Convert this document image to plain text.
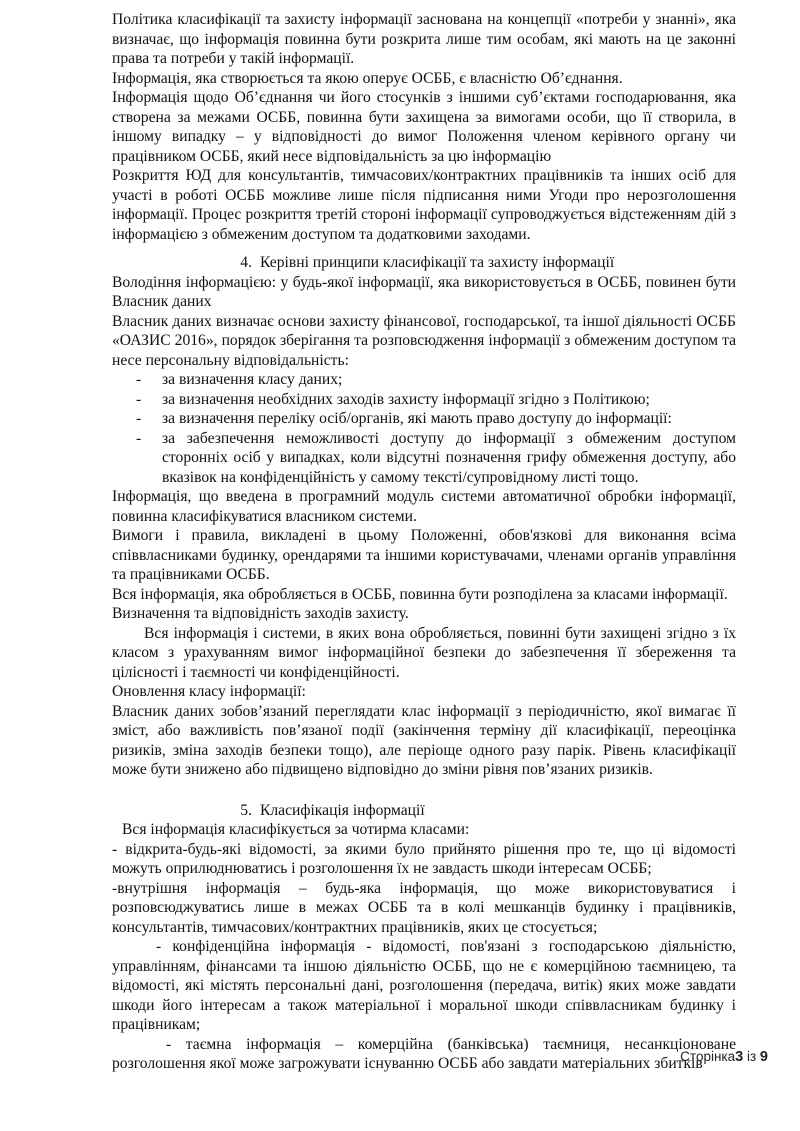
Політика класифікації та захисту інформації заснована на концепції «потреби у знанні», яка визначає, що інформація повинна бути розкрита лише тим особам, які мають на це законні права та потреби у такій інформації.

Інформація, яка створюється та якою оперує ОСББ, є власністю Об’єднання.

Інформація щодо Об’єднання чи його стосунків з іншими суб’єктами господарювання, яка створена за межами ОСББ, повинна бути захищена за вимогами особи, що її створила, в іншому випадку – у відповідності до вимог Положення членом керівного органу чи працівником ОСББ, який несе відповідальність за цю інформацію

Розкриття ЮД для консультантів, тимчасових/контрактних працівників та інших осіб для участі в роботі ОСББ можливе лише після підписання ними Угоди про нерозголошення інформації. Процес розкриття третій стороні інформації супроводжується відстеженням дій з інформацією з обмеженим доступом та додатковими заходами.

4. Керівні принципи класифікації та захисту інформації

Володіння інформацією: у будь-якої інформації, яка використовується в ОСББ, повинен бути Власник даних

Власник даних визначає основи захисту фінансової, господарської, та іншої діяльності ОСББ «ОАЗИС 2016», порядок зберігання та розповсюдження інформації з обмеженим доступом та несе персональну відповідальність:

- за визначення класу даних;
- за визначення необхідних заходів захисту інформації згідно з Політикою;
- за визначення переліку осіб/органів, які мають право доступу до інформації:
- за забезпечення неможливості доступу до інформації з обмеженим доступом сторонніх осіб у випадках, коли відсутні позначення грифу обмеження доступу, або вказівок на конфіденційність у самому тексті/супровідному листі тощо.

Інформація, що введена в програмний модуль системи автоматичної обробки інформації, повинна класифікуватися власником системи.

Вимоги і правила, викладені в цьому Положенні, обов'язкові для виконання всіма співвласниками будинку, орендарями та іншими користувачами, членами органів управління та працівниками ОСББ.

Вся інформація, яка обробляється в ОСББ, повинна бути розподілена за класами інформації.

Визначення та відповідність заходів захисту.

Вся інформація і системи, в яких вона обробляється, повинні бути захищені згідно з їх класом з урахуванням вимог інформаційної безпеки до забезпечення її збереження та цілісності і таємності чи конфіденційності.

Оновлення класу інформації:

Власник даних зобов’язаний переглядати клас інформації з періодичністю, якої вимагає її зміст, або важливість пов’язаної події (закінчення терміну дії класифікації, переоцінка ризиків, зміна заходів безпеки тощо), але періоще одного разу парік. Рівень класифікації може бути знижено або підвищено відповідно до зміни рівня пов’язаних ризиків.

5. Класифікація інформації

Вся інформація класифікується за чотирма класами:

- відкрита-будь-які відомості, за якими було прийнято рішення про те, що ці відомості можуть оприлюднюватись і розголошення їх не завдасть шкоди інтересам ОСББ;

-внутрішня інформація – будь-яка інформація, що може використовуватися і розповсюджуватись лише в межах ОСББ та в колі мешканців будинку і працівників, консультантів, тимчасових/контрактних працівників, яких це стосується;

- конфіденційна інформація - відомості, пов'язані з господарською діяльністю, управлінням, фінансами та іншою діяльністю ОСББ, що не є комерційною таємницею, та відомості, які містять персональні дані, розголошення (передача, витік) яких може завдати шкоди його інтересам а також матеріальної і моральної шкоди співвласникам будинку і працівникам;

- таємна інформація – комерційна (банківська) таємниця, несанкціоноване розголошення якої може загрожувати існуванню ОСББ або завдати матеріальних збитків

Сторінка3 із 9
